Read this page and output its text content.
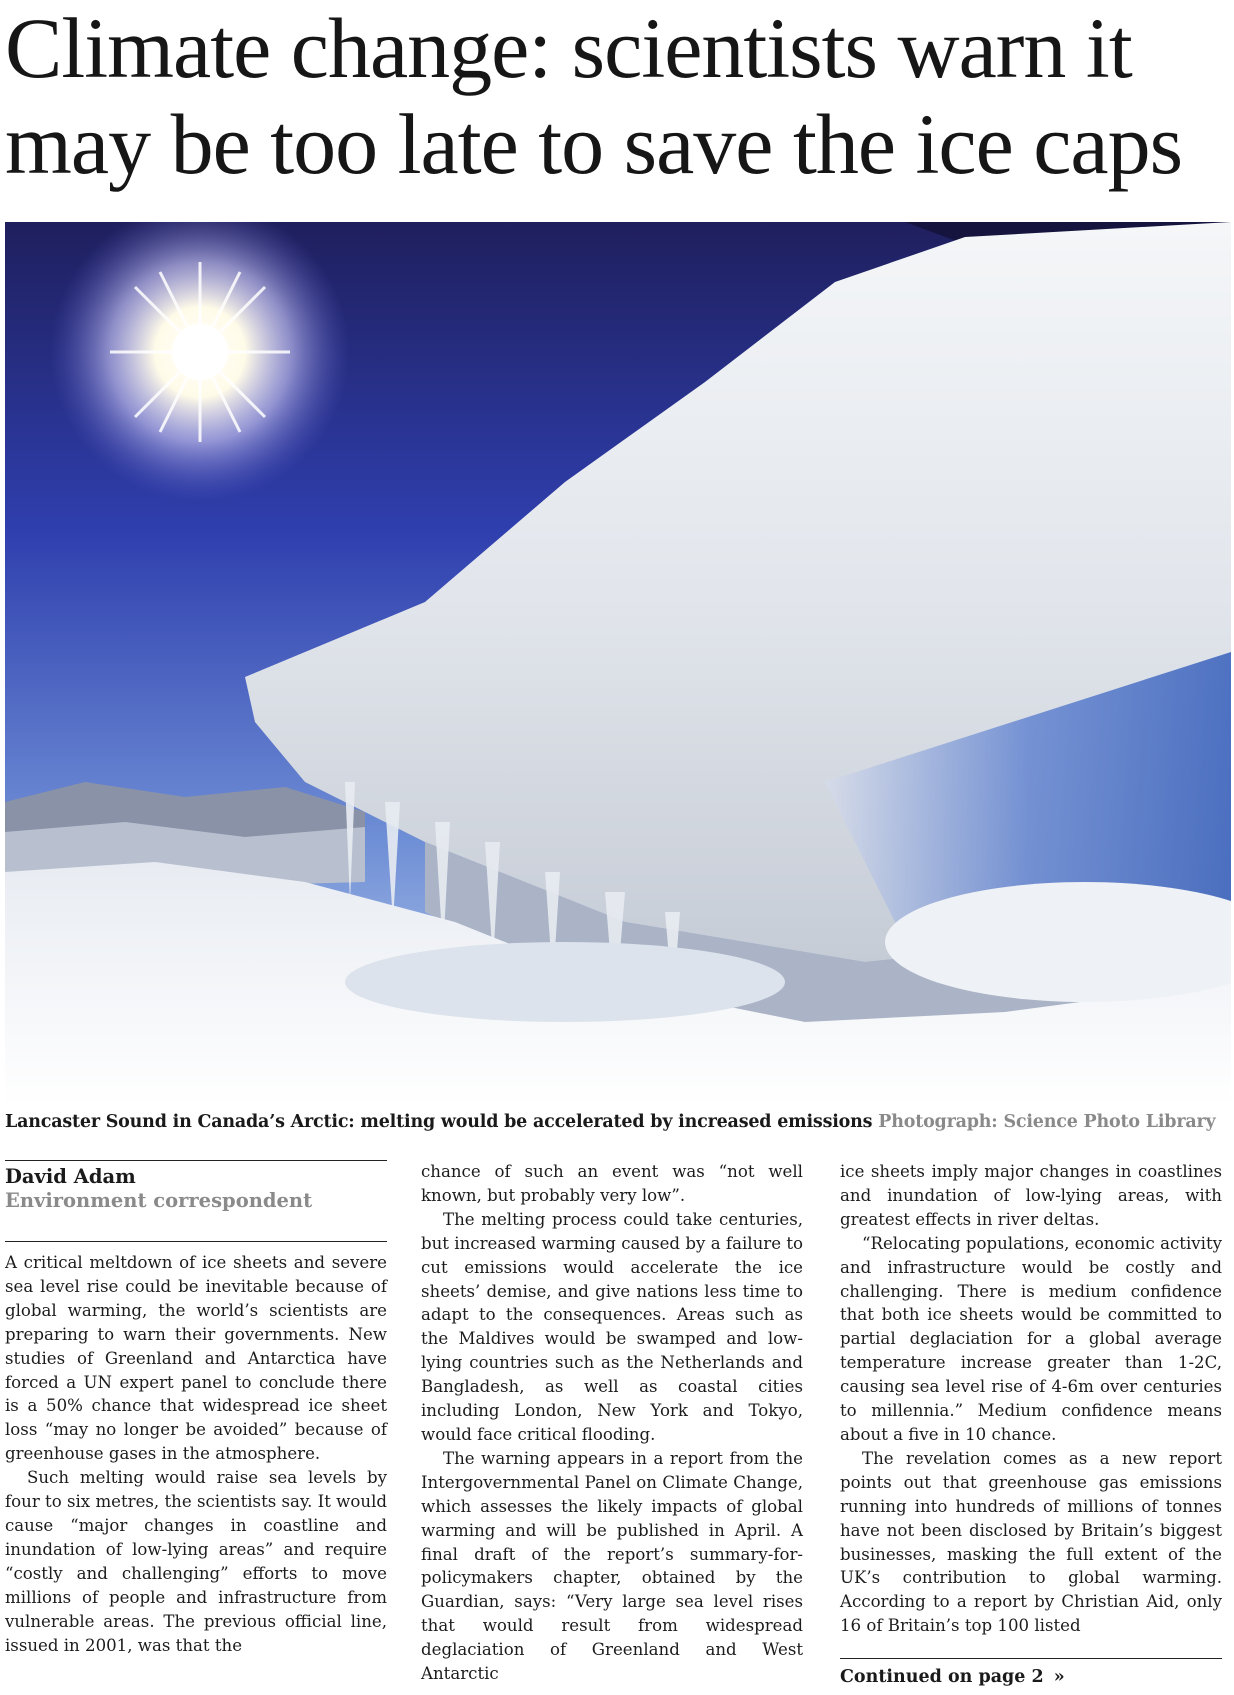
Climate change: scientists warn it may be too late to save the ice caps
Lancaster Sound in Canada’s Arctic: melting would be accelerated by increased emissions Photograph: Science Photo Library
David Adam
Environment correspondent

A critical meltdown of ice sheets and severe sea level rise could be inevitable because of global warming, the world’s scientists are preparing to warn their governments. New studies of Greenland and Antarctica have forced a UN expert panel to conclude there is a 50% chance that widespread ice sheet loss “may no longer be avoided” because of greenhouse gases in the atmosphere.

Such melting would raise sea levels by four to six metres, the scientists say. It would cause “major changes in coastline and inundation of low-lying areas” and require “costly and challenging” efforts to move millions of people and infrastructure from vulnerable areas. The previous official line, issued in 2001, was that the

chance of such an event was “not well known, but probably very low”.

The melting process could take centuries, but increased warming caused by a failure to cut emissions would accelerate the ice sheets’ demise, and give nations less time to adapt to the consequences. Areas such as the Maldives would be swamped and low-lying countries such as the Netherlands and Bangladesh, as well as coastal cities including London, New York and Tokyo, would face critical flooding.

The warning appears in a report from the Intergovernmental Panel on Climate Change, which assesses the likely impacts of global warming and will be published in April. A final draft of the report’s summary-for-policymakers chapter, obtained by the Guardian, says: “Very large sea level rises that would result from widespread deglaciation of Greenland and West Antarctic

ice sheets imply major changes in coastlines and inundation of low-lying areas, with greatest effects in river deltas.

“Relocating populations, economic activity and infrastructure would be costly and challenging. There is medium confidence that both ice sheets would be committed to partial deglaciation for a global average temperature increase greater than 1-2C, causing sea level rise of 4-6m over centuries to millennia.” Medium confidence means about a five in 10 chance.

The revelation comes as a new report points out that greenhouse gas emissions running into hundreds of millions of tonnes have not been disclosed by Britain’s biggest businesses, masking the full extent of the UK’s contribution to global warming. According to a report by Christian Aid, only 16 of Britain’s top 100 listed

Continued on page 2 »
